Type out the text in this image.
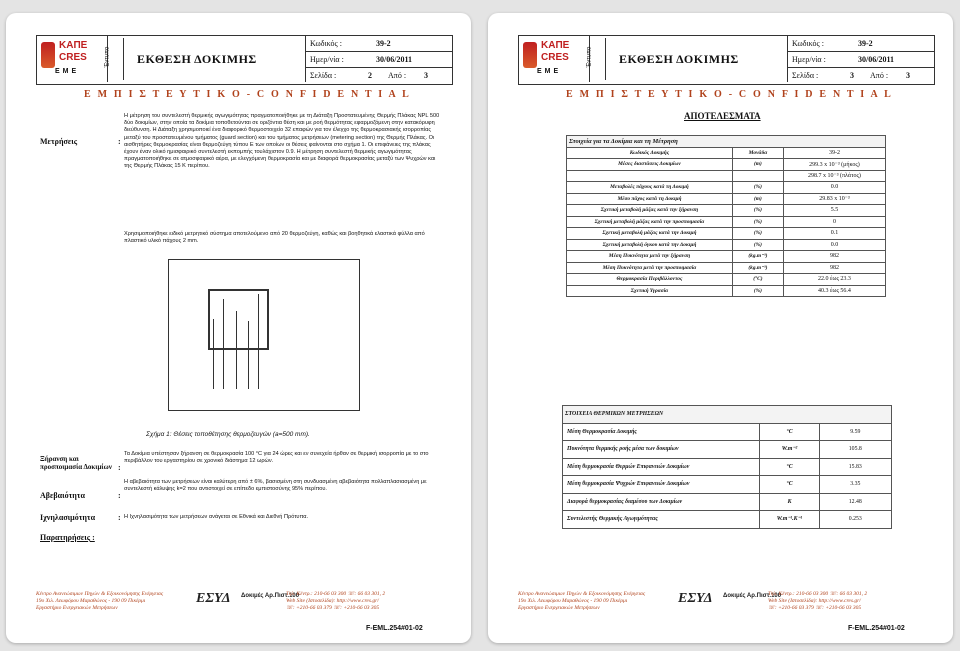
ΚΑΠΕ
CRES
ΕΜΕ
Έντυπο ΕΚΘΕΣΗ ΔΟΚΙΜΗΣ
Κωδικός :	39-2
Ημερ/νία :	30/06/2011
Σελίδα :	2 Από : 3
Ε Μ Π Ι Σ Τ Ε Υ Τ Ι Κ Ο - C O N F I D E N T I A L
Μετρήσεις	:
Η μέτρηση του συντελεστή θερμικής αγωγιμότητας πραγματοποιήθηκε με τη Διάταξη Προστατευμένης Θερμής Πλάκας NPL 500 δύο δοκιμίων, στην οποία τα δοκίμια τοποθετούνται σε οριζόντια θέση και με ροή θερμότητας εφαρμοζόμενη στην κατακόρυφη διεύθυνση. Η Διάταξη χρησιμοποιεί ένα διαφορικό θερμοστοιχείο 32 επαφών για τον έλεγχο της θερμοκρασιακής ισορροπίας μεταξύ του προστατευμένου τμήματος (guard section) και του τμήματος μετρήσεων (metering section) της Θερμής Πλάκας. Οι αισθητήρες θερμοκρασίας είναι θερμοζεύγη τύπου Ε των οποίων οι θέσεις φαίνονται στο σχήμα 1. Οι επιφάνειες της πλάκας έχουν έναν ολικό ημισφαιρικό συντελεστή εκπομπής τουλάχιστον 0.9. Η μέτρηση συντελεστή θερμικής αγωγιμότητας πραγματοποιήθηκε σε ατμοσφαιρικό αέρα, με ελεγχόμενη θερμοκρασία και με διαφορά θερμοκρασίας μεταξύ των Ψυχρών και της Θερμής Πλάκας 15 Κ περίπου.
Χρησιμοποιήθηκε ειδικό μετρητικό σύστημα αποτελούμενο από 20 θερμοζεύγη, καθώς και βοηθητικά ελαστικά φύλλα από πλαστικό υλικό πάχους 2 mm.
Σχήμα 1: Θέσεις τοποθέτησης θερμοζευγών (a=500 mm).
Ξήρανση και προσποιμασία Δοκιμίων :
Τα Δοκίμια υπέστησαν ξήρανση σε θερμοκρασία 100 °C για 24 ώρες και εν συνεχεία ήρθαν σε θερμική ισορροπία με το στο περιβάλλον του εργαστηρίου σε χρονικό διάστημα 12 ωρών.
Αβεβαιότητα	:
Η αβεβαιότητα των μετρήσεων είναι καλύτερη από ± 6%, βασισμένη στη συνδυασμένη αβεβαιότητα πολλαπλασιασμένη με συντελεστή κάλυψης k=2 που αντιστοιχεί σε επίπεδο εμπιστοσύνης 95% περίπου.
Ιχνηλασιμότητα	: Η Ιχνηλασιμότητα των μετρήσεων ανάγεται σε Εθνικά και Διεθνή Πρότυπα.
Παρατηρήσεις :
Κέντρο Ανανεώσιμων Πηγών & Εξοικονόμησης Ενέργειας
19ο Χιλ. Λεωφόρου Μαραθώνος - 190 09 Πικέρμι
Εργαστήριο Ενεργειακών Μετρήσεων
ΕΣΥΔ Δοκιμές Αρ.Πιστ.100
Τηλ. Κέντρ.: 210-66 03 300 ☏: 66 03 301, 2
Web Site (Ιστοσελίδα): http://www.cres.gr/
☏: +210-66 03 379 ☏: +210-66 03 305
F-EML.254#01-02
ΚΑΠΕ
CRES
ΕΜΕ
Έντυπο ΕΚΘΕΣΗ ΔΟΚΙΜΗΣ
Κωδικός :	39-2
Ημερ/νία :	30/06/2011
Σελίδα :	3 Από : 3
Ε Μ Π Ι Σ Τ Ε Υ Τ Ι Κ Ο - C O N F I D E N T I A L
ΑΠΟΤΕΛΕΣΜΑΤΑ
Στοιχεία για τα Δοκίμια και τη Μέτρηση		
Κωδικός Δοκιμής	Μονάδα	39-2
Μέσες διαστάσεις Δοκιμίων	(m)	299.3 x 10⁻³ (μήκος)
		298.7 x 10⁻³ (πλάτος)
Μεταβολές πάχους κατά τη Δοκιμή	(%)	0.0
Μέσο πάχος κατά τη Δοκιμή	(m)	29.83 x 10⁻³
Σχετική μεταβολή μάζας κατά την ξήρανση	(%)	5.5
Σχετική μεταβολή μάζας κατά την προσποιμασία	(%)	0
Σχετική μεταβολή μάζας κατά την Δοκιμή	(%)	0.1
Σχετική μεταβολή όγκου κατά την Δοκιμή	(%)	0.0
Μέση Πυκνότητα μετά την ξήρανση	(kg.m⁻³)	982
Μέση Πυκνότητα μετά την προσποιμασία	(kg.m⁻³)	982
Θερμοκρασία Περιβάλλοντος	(°C)	22.0 έως 23.3
Σχετική Υγρασία	(%)	40.3 έως 56.4
ΣΤΟΙΧΕΙΑ ΘΕΡΜΙΚΩΝ ΜΕΤΡΗΣΕΩΝ		
Μέση Θερμοκρασία Δοκιμής	°C	9.59
Πυκνότητα θερμικής ροής μέσα των δοκιμίων	W.m⁻²	105.8
Μέση θερμοκρασία Θερμών Επιφανειών Δοκιμίων	°C	15.83
Μέση θερμοκρασία Ψυχρών Επιφανειών Δοκιμίων	°C	3.35
Διαφορά θερμοκρασίας διαμέσου των Δοκιμίων	K	12.48
Συντελεστής Θερμικής Αγωγιμότητας	W.m⁻¹.K⁻¹	0.253
Κέντρο Ανανεώσιμων Πηγών & Εξοικονόμησης Ενέργειας
19ο Χιλ. Λεωφόρου Μαραθώνος - 190 09 Πικέρμι
Εργαστήριο Ενεργειακών Μετρήσεων
ΕΣΥΔ Δοκιμές Αρ.Πιστ.100
Τηλ. Κέντρ.: 210-66 03 300 ☏: 66 03 301, 2
Web Site (Ιστοσελίδα): http://www.cres.gr/
☏: +210-66 03 379 ☏: +210-66 03 305
F-EML.254#01-02
